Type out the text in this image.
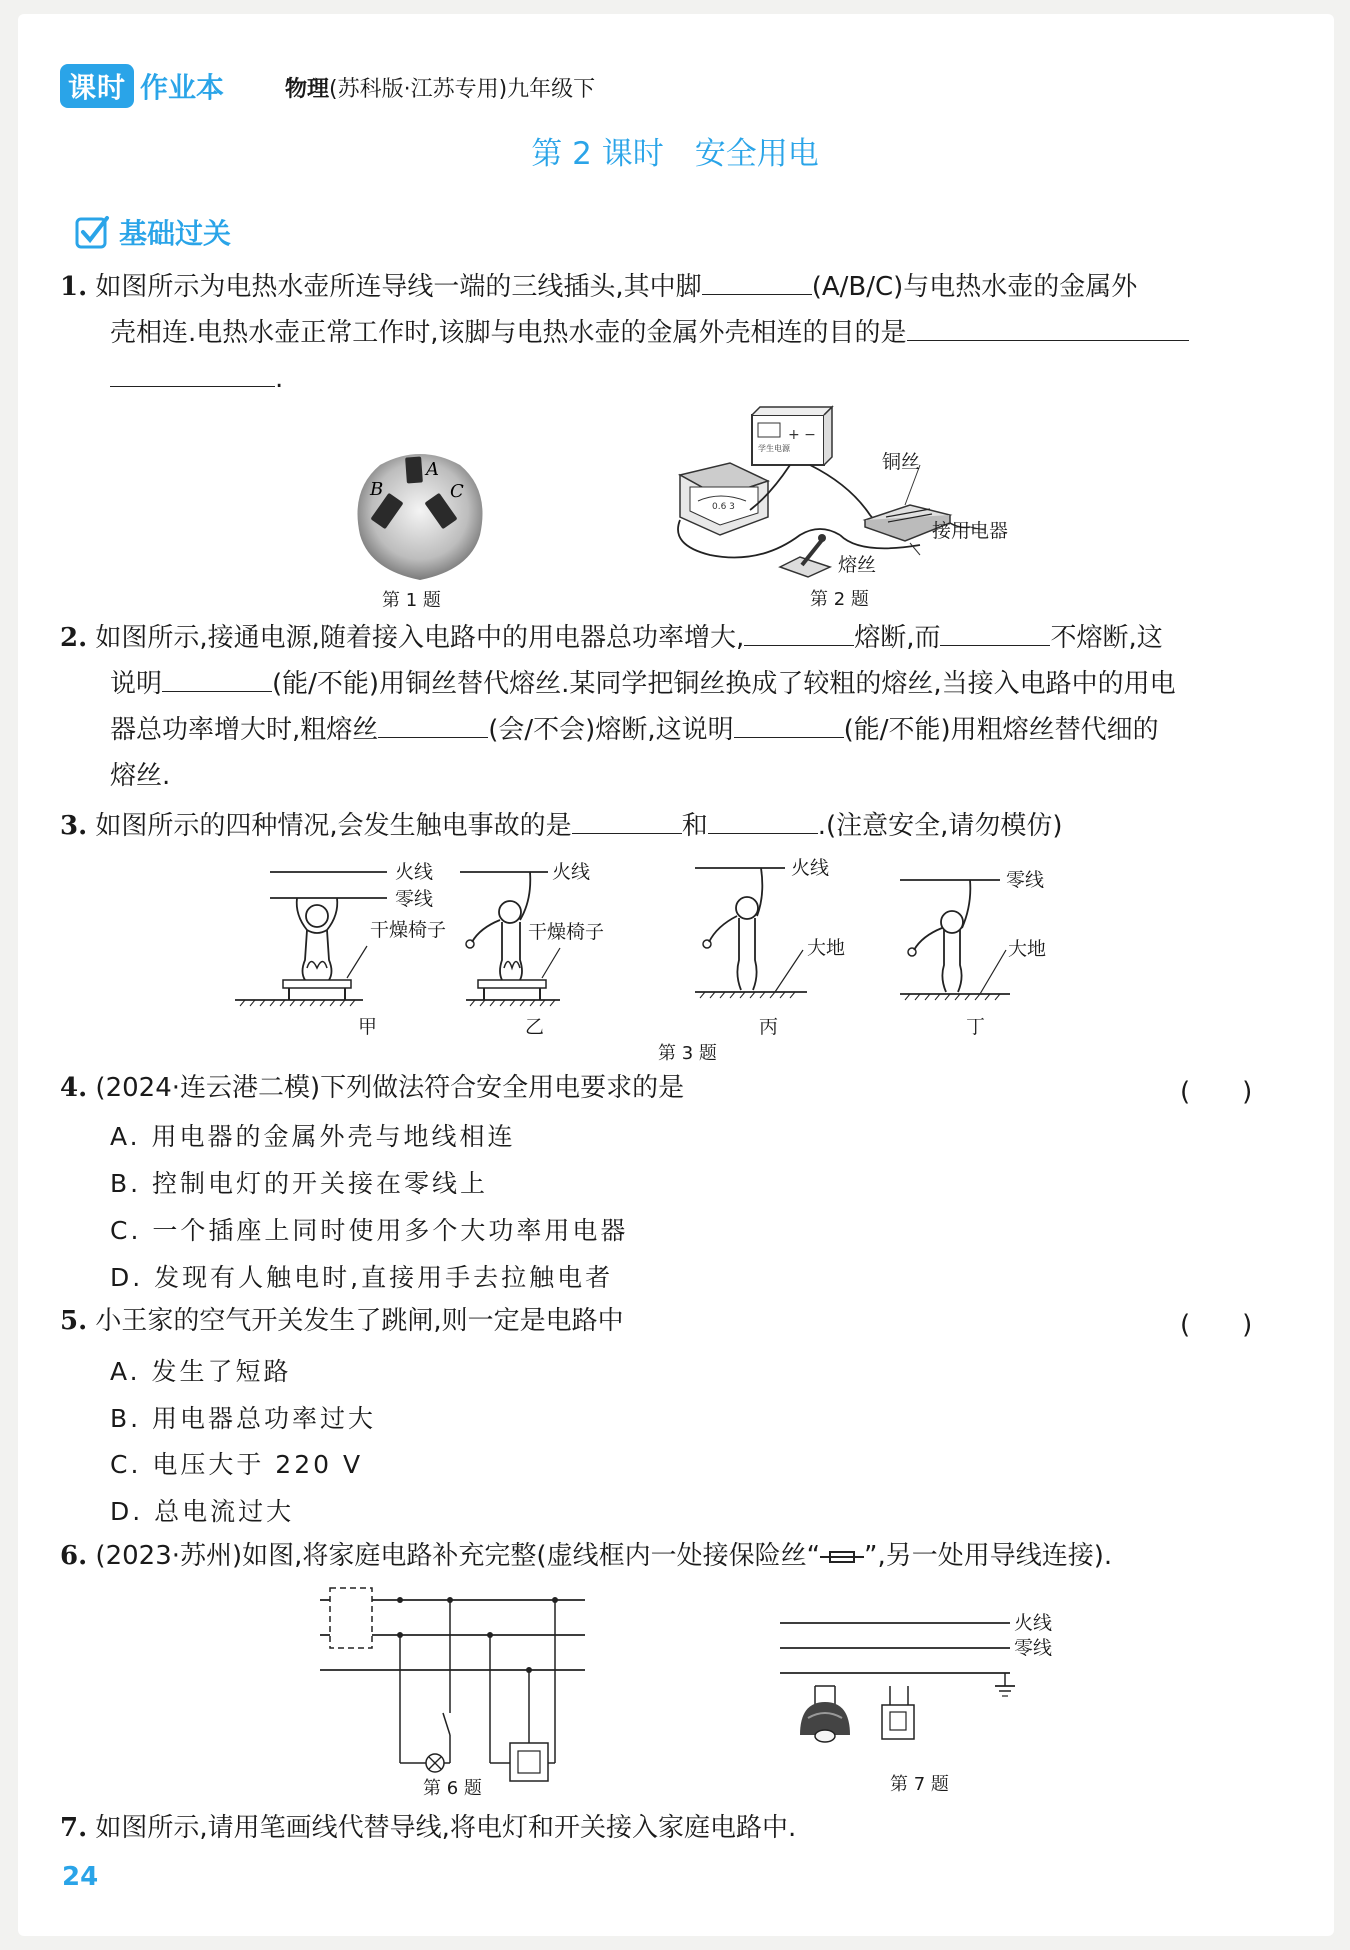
课时 作业本	物理(苏科版·江苏专用)九年级下
第 2 课时　安全用电
基础过关
1. 如图所示为电热水壶所连导线一端的三线插头,其中脚	(A/B/C)与电热水壶的金属外
壳相连.电热水壶正常工作时,该脚与电热水壶的金属外壳相连的目的是
.
A
B	C
第 1 题
学生电源
+ −
0.6 3
铜丝
接用电器
熔丝
第 2 题
2. 如图所示,接通电源,随着接入电路中的用电器总功率增大,	熔断,而	不熔断,这
说明	(能/不能)用铜丝替代熔丝.某同学把铜丝换成了较粗的熔丝,当接入电路中的用电
器总功率增大时,粗熔丝	(会/不会)熔断,这说明	(能/不能)用粗熔丝替代细的
熔丝.
3. 如图所示的四种情况,会发生触电事故的是	和	.(注意安全,请勿模仿)
火线
零线
干燥椅子
甲
火线
干燥椅子
乙
火线
大地
丙
零线
大地
丁
第 3 题
4. (2024·连云港二模)下列做法符合安全用电要求的是	(　　)
A. 用电器的金属外壳与地线相连
B. 控制电灯的开关接在零线上
C. 一个插座上同时使用多个大功率用电器
D. 发现有人触电时,直接用手去拉触电者
5. 小王家的空气开关发生了跳闸,则一定是电路中	(　　)
A. 发生了短路
B. 用电器总功率过大
C. 电压大于 220 V
D. 总电流过大
6. (2023·苏州)如图,将家庭电路补充完整(虚线框内一处接保险丝“ ”,另一处用导线连接).
第 6 题
火线
零线
第 7 题
7. 如图所示,请用笔画线代替导线,将电灯和开关接入家庭电路中.
24
